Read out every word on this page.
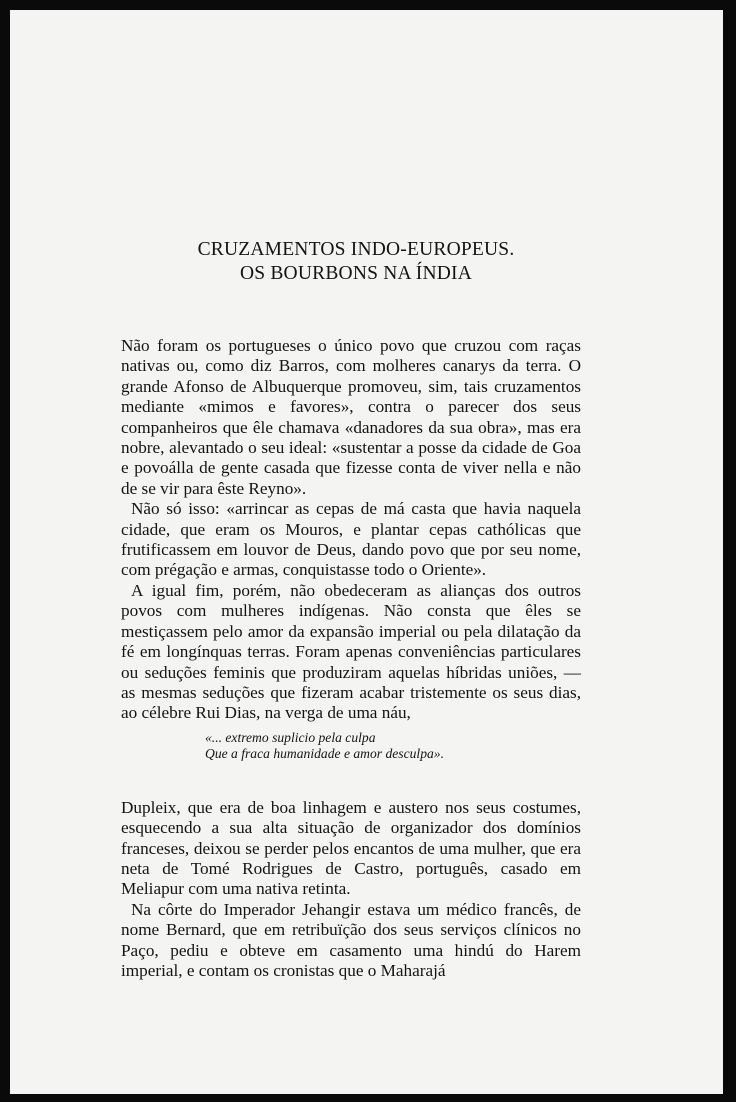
CRUZAMENTOS INDO-EUROPEUS.
OS BOURBONS NA ÍNDIA

Não foram os portugueses o único povo que cruzou com raças nativas ou, como diz Barros, com molheres canarys da terra. O grande Afonso de Albuquerque promoveu, sim, tais cruzamentos mediante «mimos e favores», contra o parecer dos seus companheiros que êle chamava «danadores da sua obra», mas era nobre, alevantado o seu ideal: «sustentar a posse da cidade de Goa e povoálla de gente casada que fizesse conta de viver nella e não de se vir para êste Reyno».

Não só isso: «arrincar as cepas de má casta que havia naquela cidade, que eram os Mouros, e plantar cepas cathólicas que frutificassem em louvor de Deus, dando povo que por seu nome, com prégação e armas, conquistasse todo o Oriente».

A igual fim, porém, não obedeceram as alianças dos outros povos com mulheres indígenas. Não consta que êles se mestiçassem pelo amor da expansão imperial ou pela dilatação da fé em longínquas terras. Foram apenas conveniências particulares ou seduções feminis que produziram aquelas híbridas uniões, — as mesmas seduções que fizeram acabar tristemente os seus dias, ao célebre Rui Dias, na verga de uma náu,

«... extremo suplicio pela culpa
Que a fraca humanidade e amor desculpa».

Dupleix, que era de boa linhagem e austero nos seus costumes, esquecendo a sua alta situação de organizador dos domínios franceses, deixou se perder pelos encantos de uma mulher, que era neta de Tomé Rodrigues de Castro, português, casado em Meliapur com uma nativa retinta.

Na côrte do Imperador Jehangir estava um médico francês, de nome Bernard, que em retribuïção dos seus serviços clínicos no Paço, pediu e obteve em casamento uma hindú do Harem imperial, e contam os cronistas que o Maharajá
